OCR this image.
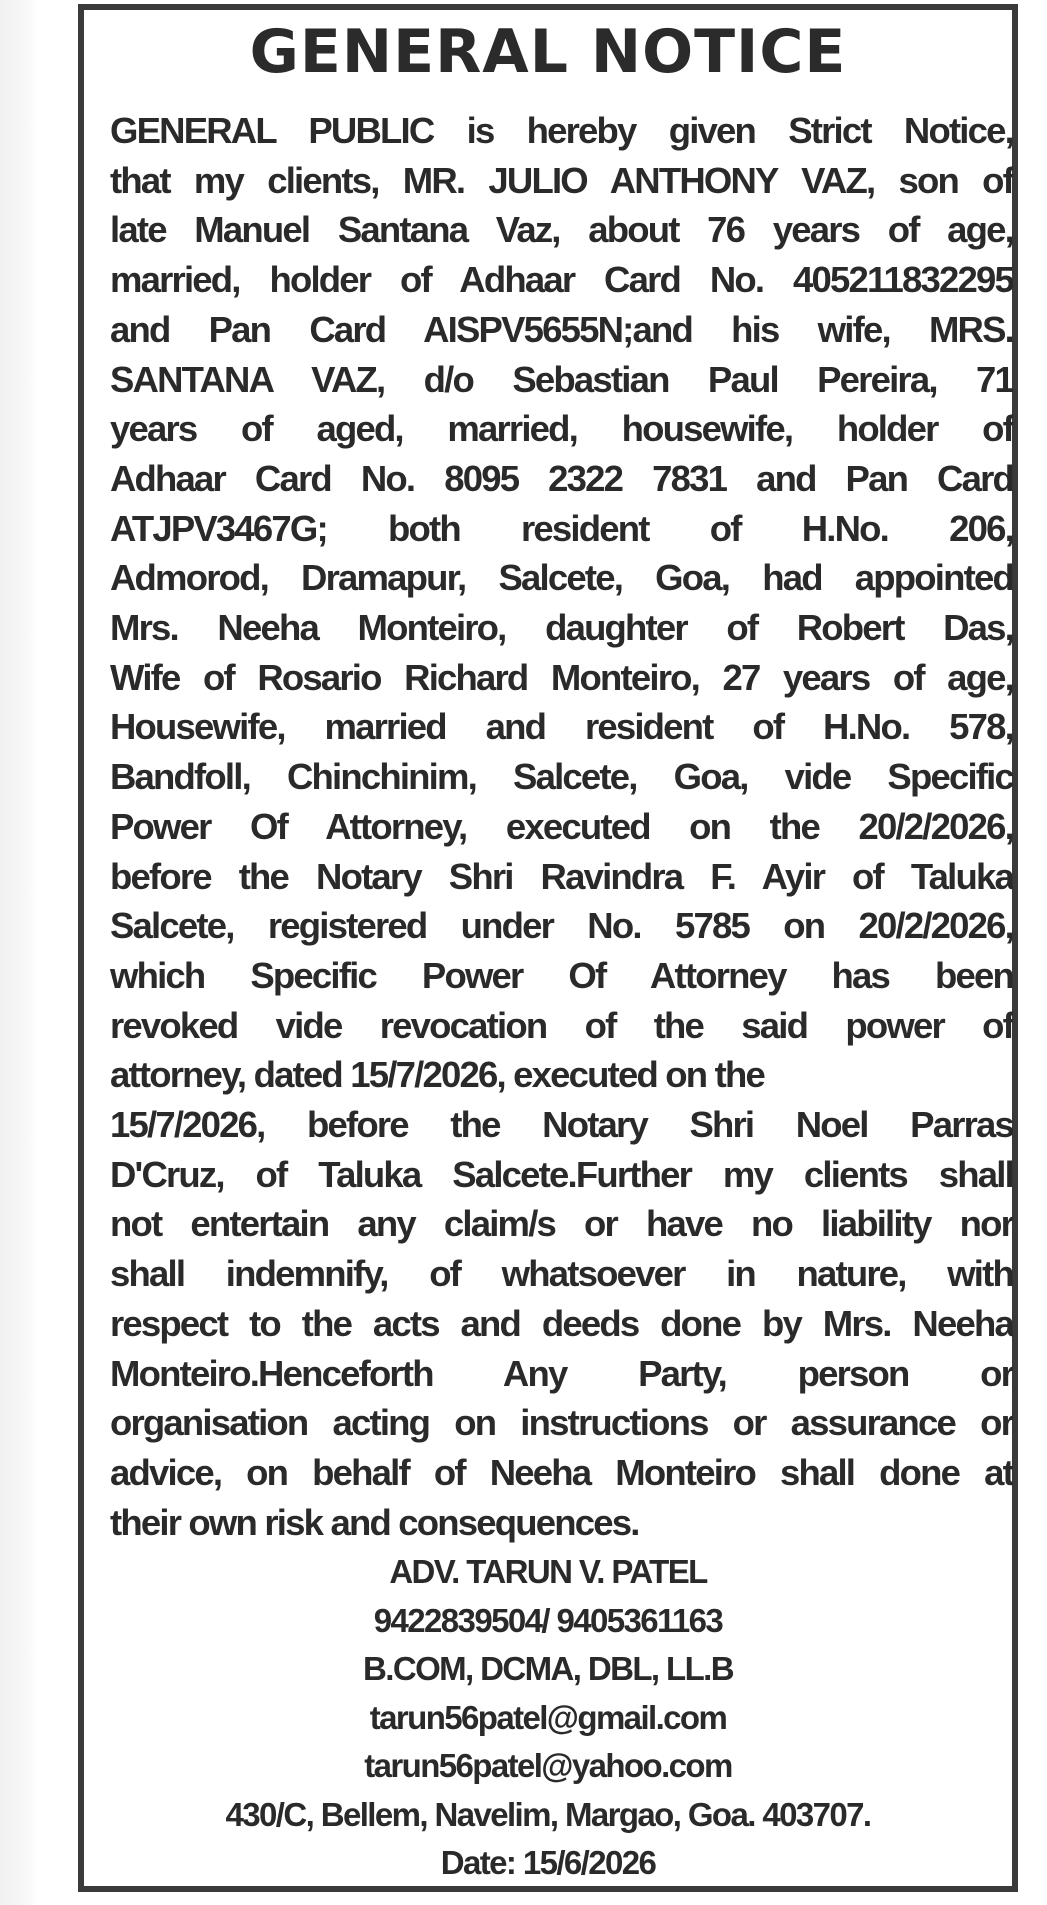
GENERAL NOTICE

GENERAL PUBLIC is hereby given Strict Notice,
that my clients, MR. JULIO ANTHONY VAZ, son of
late Manuel Santana Vaz, about 76 years of age,
married, holder of Adhaar Card No. 405211832295
and Pan Card AISPV5655N;and his wife, MRS.
SANTANA VAZ, d/o Sebastian Paul Pereira, 71
years of aged, married, housewife, holder of
Adhaar Card No. 8095 2322 7831 and Pan Card
ATJPV3467G; both resident of H.No. 206,
Admorod, Dramapur, Salcete, Goa, had appointed
Mrs. Neeha Monteiro, daughter of Robert Das,
Wife of Rosario Richard Monteiro, 27 years of age,
Housewife, married and resident of H.No. 578,
Bandfoll, Chinchinim, Salcete, Goa, vide Specific
Power Of Attorney, executed on the 20/2/2026,
before the Notary Shri Ravindra F. Ayir of Taluka
Salcete, registered under No. 5785 on 20/2/2026,
which Specific Power Of Attorney has been
revoked vide revocation of the said power of
attorney, dated 15/7/2026, executed on the
15/7/2026, before the Notary Shri Noel Parras
D'Cruz, of Taluka Salcete.Further my clients shall
not entertain any claim/s or have no liability nor
shall indemnify, of whatsoever in nature, with
respect to the acts and deeds done by Mrs. Neeha
Monteiro.Henceforth Any Party, person or
organisation acting on instructions or assurance or
advice, on behalf of Neeha Monteiro shall done at
their own risk and consequences.

ADV. TARUN V. PATEL
9422839504/ 9405361163
B.COM, DCMA, DBL, LL.B
tarun56patel@gmail.com
tarun56patel@yahoo.com
430/C, Bellem, Navelim, Margao, Goa. 403707.
Date: 15/6/2026
